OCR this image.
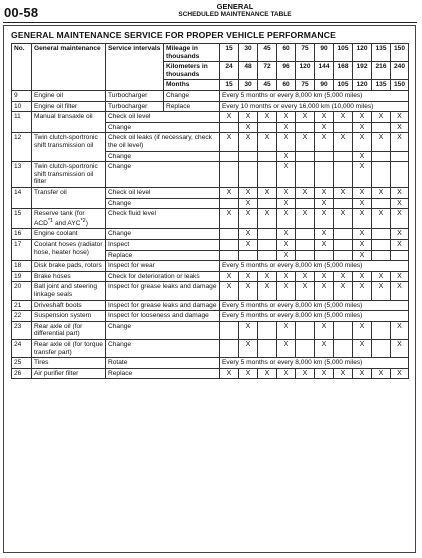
00-58	GENERAL
SCHEDULED MAINTENANCE TABLE
GENERAL MAINTENANCE SERVICE FOR PROPER VEHICLE PERFORMANCE
No.	General maintenance	Service intervals	Mileage in thousands	15	30	45	60	75	90	105	120	135	150
			Kilometers in thousands	24	48	72	96	120	144	168	192	216	240
			Months	15	30	45	60	75	90	105	120	135	150
9	Engine oil	Turbocharger	Change	Every 5 months or every 8,000 km (5,000 miles)									
10	Engine oil filter	Turbocharger	Replace	Every 10 months or every 16,000 km (10,000 miles)									
11	Manual transaxle oil	Check oil level		X	X	X	X	X	X	X	X	X	X
		Change			X		X		X		X		X
12	Twin clutch-sportronic shift transmission oil	Check oil leaks (if necessary, check the oil level)		X	X	X	X	X	X	X	X	X	X
		Change					X				X		
13	Twin clutch-sportronic shift transmission oil filter	Change					X				X		
14	Transfer oil	Check oil level		X	X	X	X	X	X	X	X	X	X
		Change			X		X		X		X		X
15	Reserve tank (for ACD$^{*1}$ and AYC$^{*2}$)	Check fluid level		X	X	X	X	X	X	X	X	X	X
16	Engine coolant	Change			X		X		X		X		X
17	Coolant hoses (radiator hose, heater hose)	Inspect			X		X		X		X		X
		Replace					X				X		
18	Disk brake pads, rotors	Inspect for wear		Every 5 months or every 8,000 km (5,000 miles)									
19	Brake hoses	Check for deterioration or leaks		X	X	X	X	X	X	X	X	X	X
20	Ball joint and steering linkage seals	Inspect for grease leaks and damage		X	X	X	X	X	X	X	X	X	X
21	Driveshaft boots	Inspect for grease leaks and damage		Every 5 months or every 8,000 km (5,000 miles)									
22	Suspension system	Inspect for looseness and damage		Every 5 months or every 8,000 km (5,000 miles)									
23	Rear axle oil (for differential part)	Change			X		X		X		X		X
24	Rear axle oil (for torque transfer part)	Change			X		X		X		X		X
25	Tires	Rotate		Every 5 months or every 8,000 km (5,000 miles)									
26	Air purifier filter	Replace		X	X	X	X	X	X	X	X	X	X
